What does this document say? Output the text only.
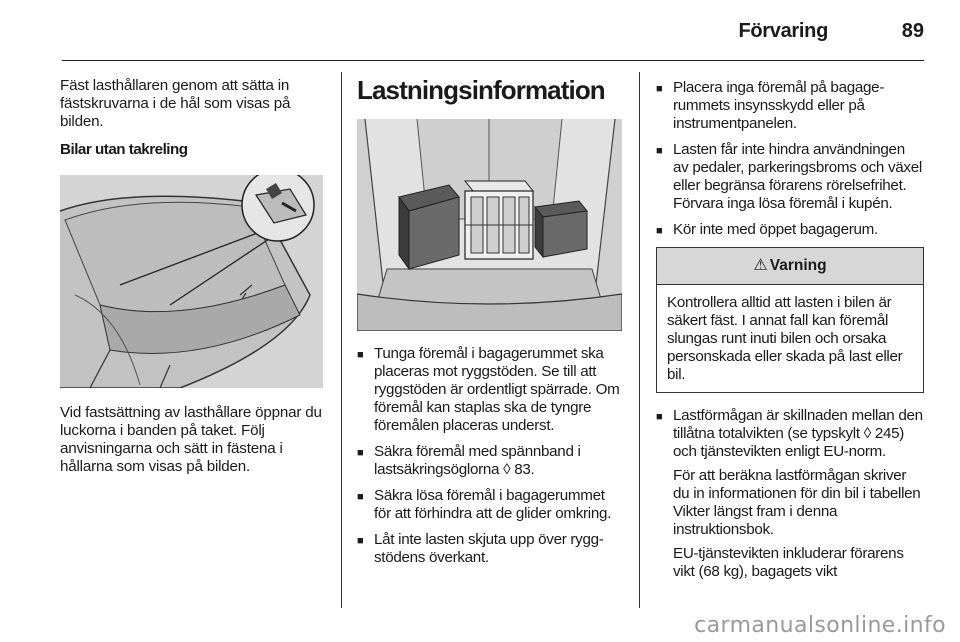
Förvaring	89

Fäst lasthållaren genom att sätta in fästskruvarna i de hål som visas på bilden.

Bilar utan takreling

Vid fastsättning av lasthållare öppnar du luckorna i banden på taket. Följ anvisningarna och sätt in fästena i hållarna som visas på bilden.

Lastningsinformation
■ Tunga föremål i bagagerummet ska placeras mot ryggstöden. Se till att ryggstöden är ordentligt spärrade. Om föremål kan staplas ska de tyngre föremålen placeras underst.
■ Säkra föremål med spännband i lastsäkringsöglorna ◊ 83.
■ Säkra lösa föremål i bagagerummet för att förhindra att de glider omkring.
■ Låt inte lasten skjuta upp över ryggstödens överkant.
■ Placera inga föremål på bagagerummets insynsskydd eller på instrumentpanelen.
■ Lasten får inte hindra användningen av pedaler, parkeringsbroms och växel eller begränsa förarens rörelsefrihet. Förvara inga lösa föremål i kupén.
■ Kör inte med öppet bagagerum.
⚠ Varning
Kontrollera alltid att lasten i bilen är säkert fäst. I annat fall kan föremål slungas runt inuti bilen och orsaka personskada eller skada på last eller bil.
■ Lastförmågan är skillnaden mellan den tillåtna totalvikten (se typskylt ◊ 245) och tjänstevikten enligt EU-norm.
För att beräkna lastförmågan skriver du in informationen för din bil i tabellen Vikter längst fram i denna instruktionsbok.
EU-tjänstevikten inkluderar förarens vikt (68 kg), bagagets vikt
carmanualsonline.info
